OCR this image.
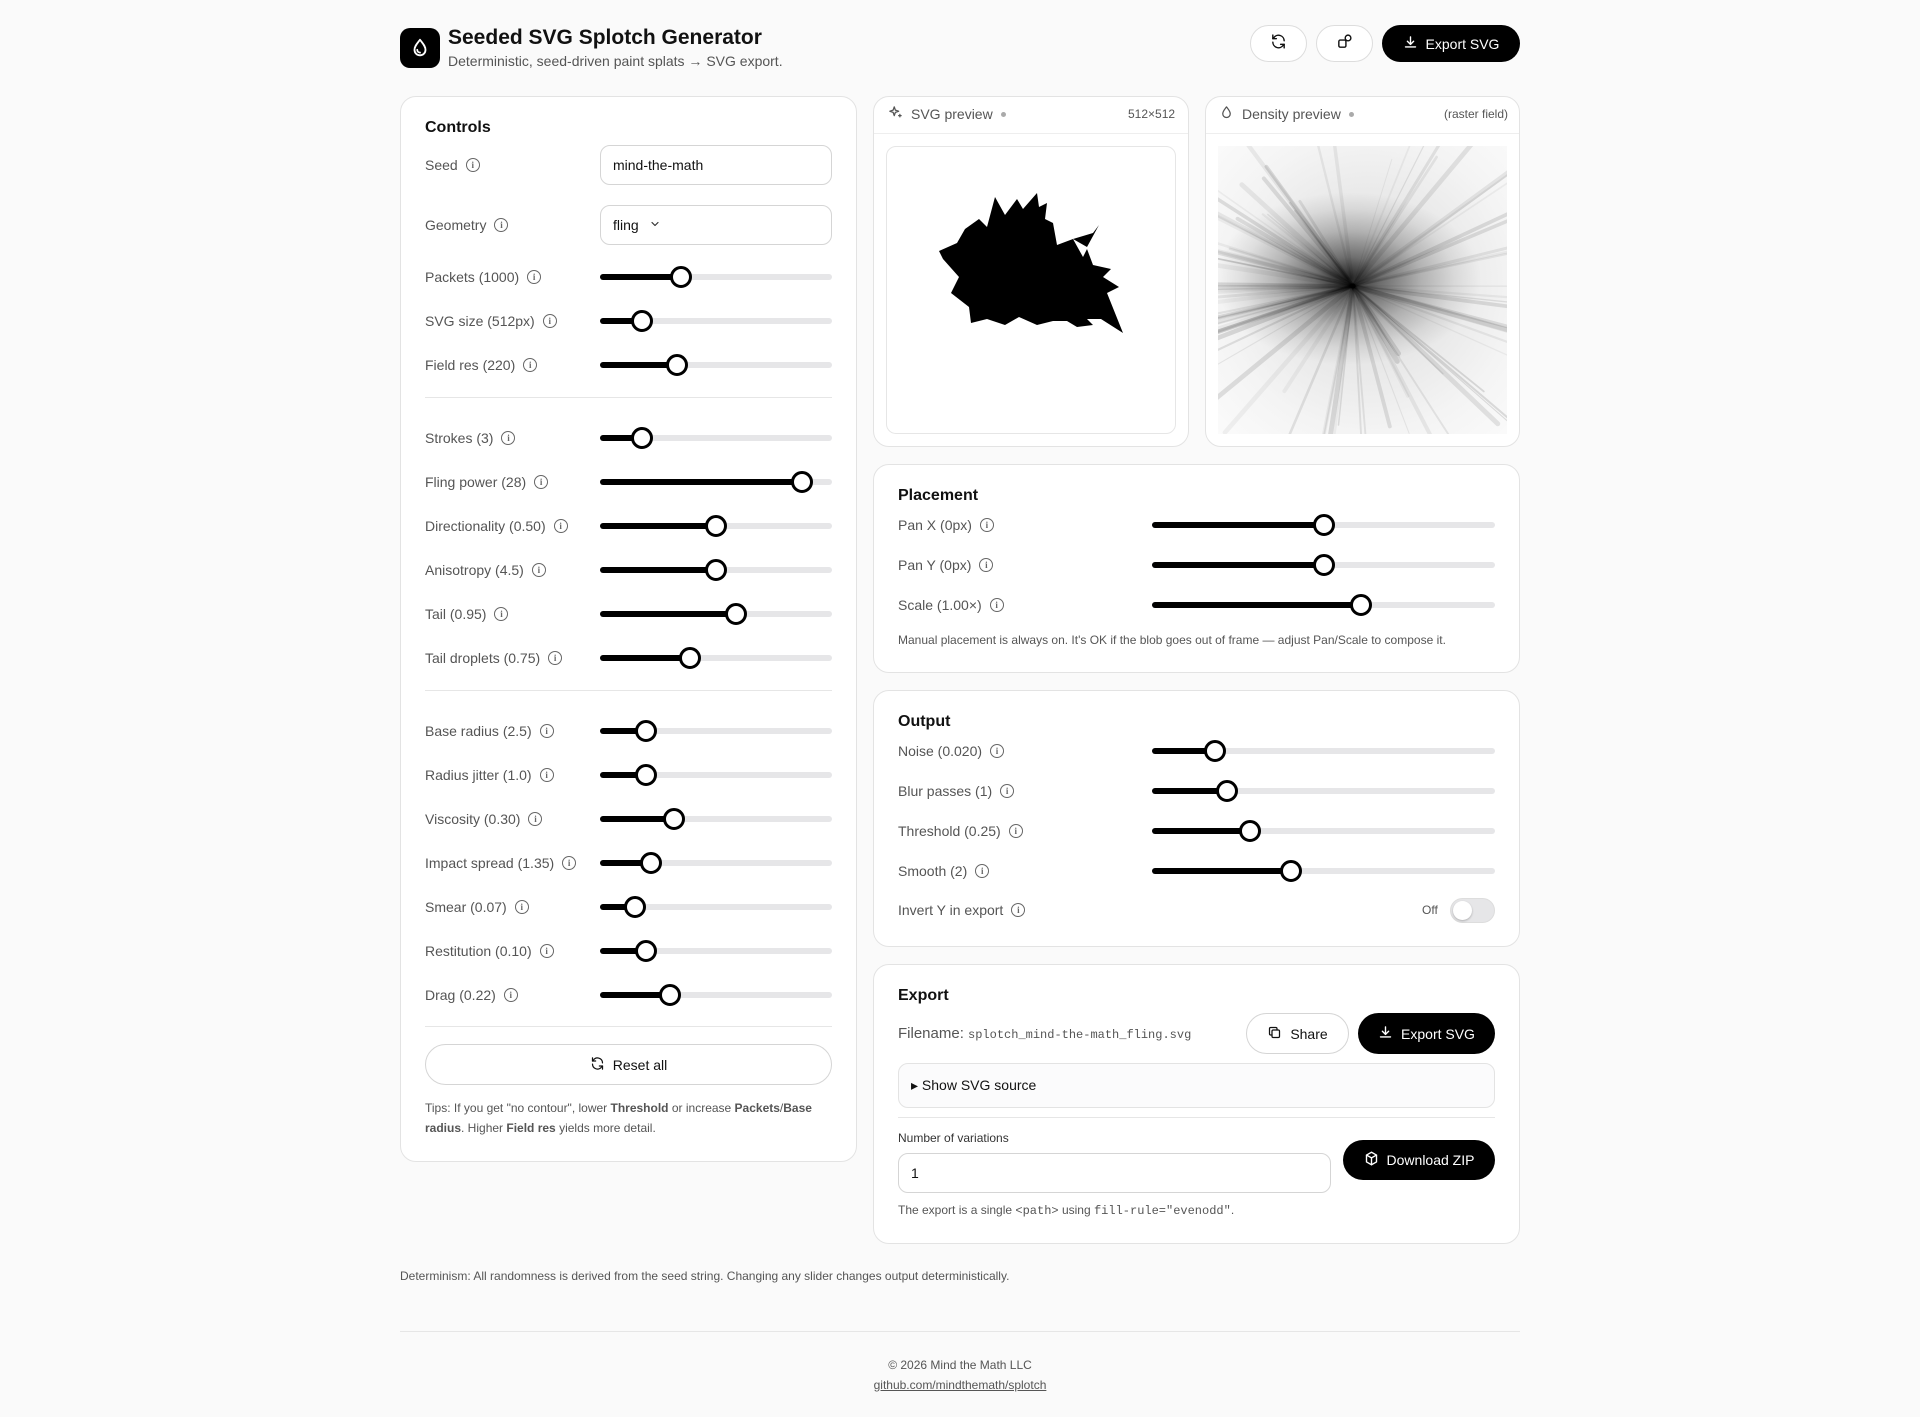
Seeded SVG Splotch Generator
Deterministic, seed-driven paint splats → SVG export.
Export SVG
Controls
Seed	i	mind-the-math
Geometry	i	fling
Packets (1000)	i
SVG size (512px)	i
Field res (220)	i
Strokes (3)	i
Fling power (28)	i
Directionality (0.50)	i
Anisotropy (4.5)	i
Tail (0.95)	i
Tail droplets (0.75)	i
Base radius (2.5)	i
Radius jitter (1.0)	i
Viscosity (0.30)	i
Impact spread (1.35)	i
Smear (0.07)	i
Restitution (0.10)	i
Drag (0.22)	i
Reset all
Tips: If you get "no contour", lower Threshold or increase Packets/Base radius. Higher Field res yields more detail.
SVG preview	512×512	Density preview	(raster field)
Placement
Pan X (0px)	i
Pan Y (0px)	i
Scale (1.00×)	i
Manual placement is always on. It's OK if the blob goes out of frame — adjust Pan/Scale to compose it.
Output
Noise (0.020)	i
Blur passes (1)	i
Threshold (0.25)	i
Smooth (2)	i
Invert Y in export	i	Off
Export
Filename: splotch_mind-the-math_fling.svg	Share	Export SVG
▸ Show SVG source
Number of variations
1
Download ZIP
The export is a single <path> using fill-rule="evenodd".
Determinism: All randomness is derived from the seed string. Changing any slider changes output deterministically.
© 2026 Mind the Math LLC
github.com/mindthemath/splotch
